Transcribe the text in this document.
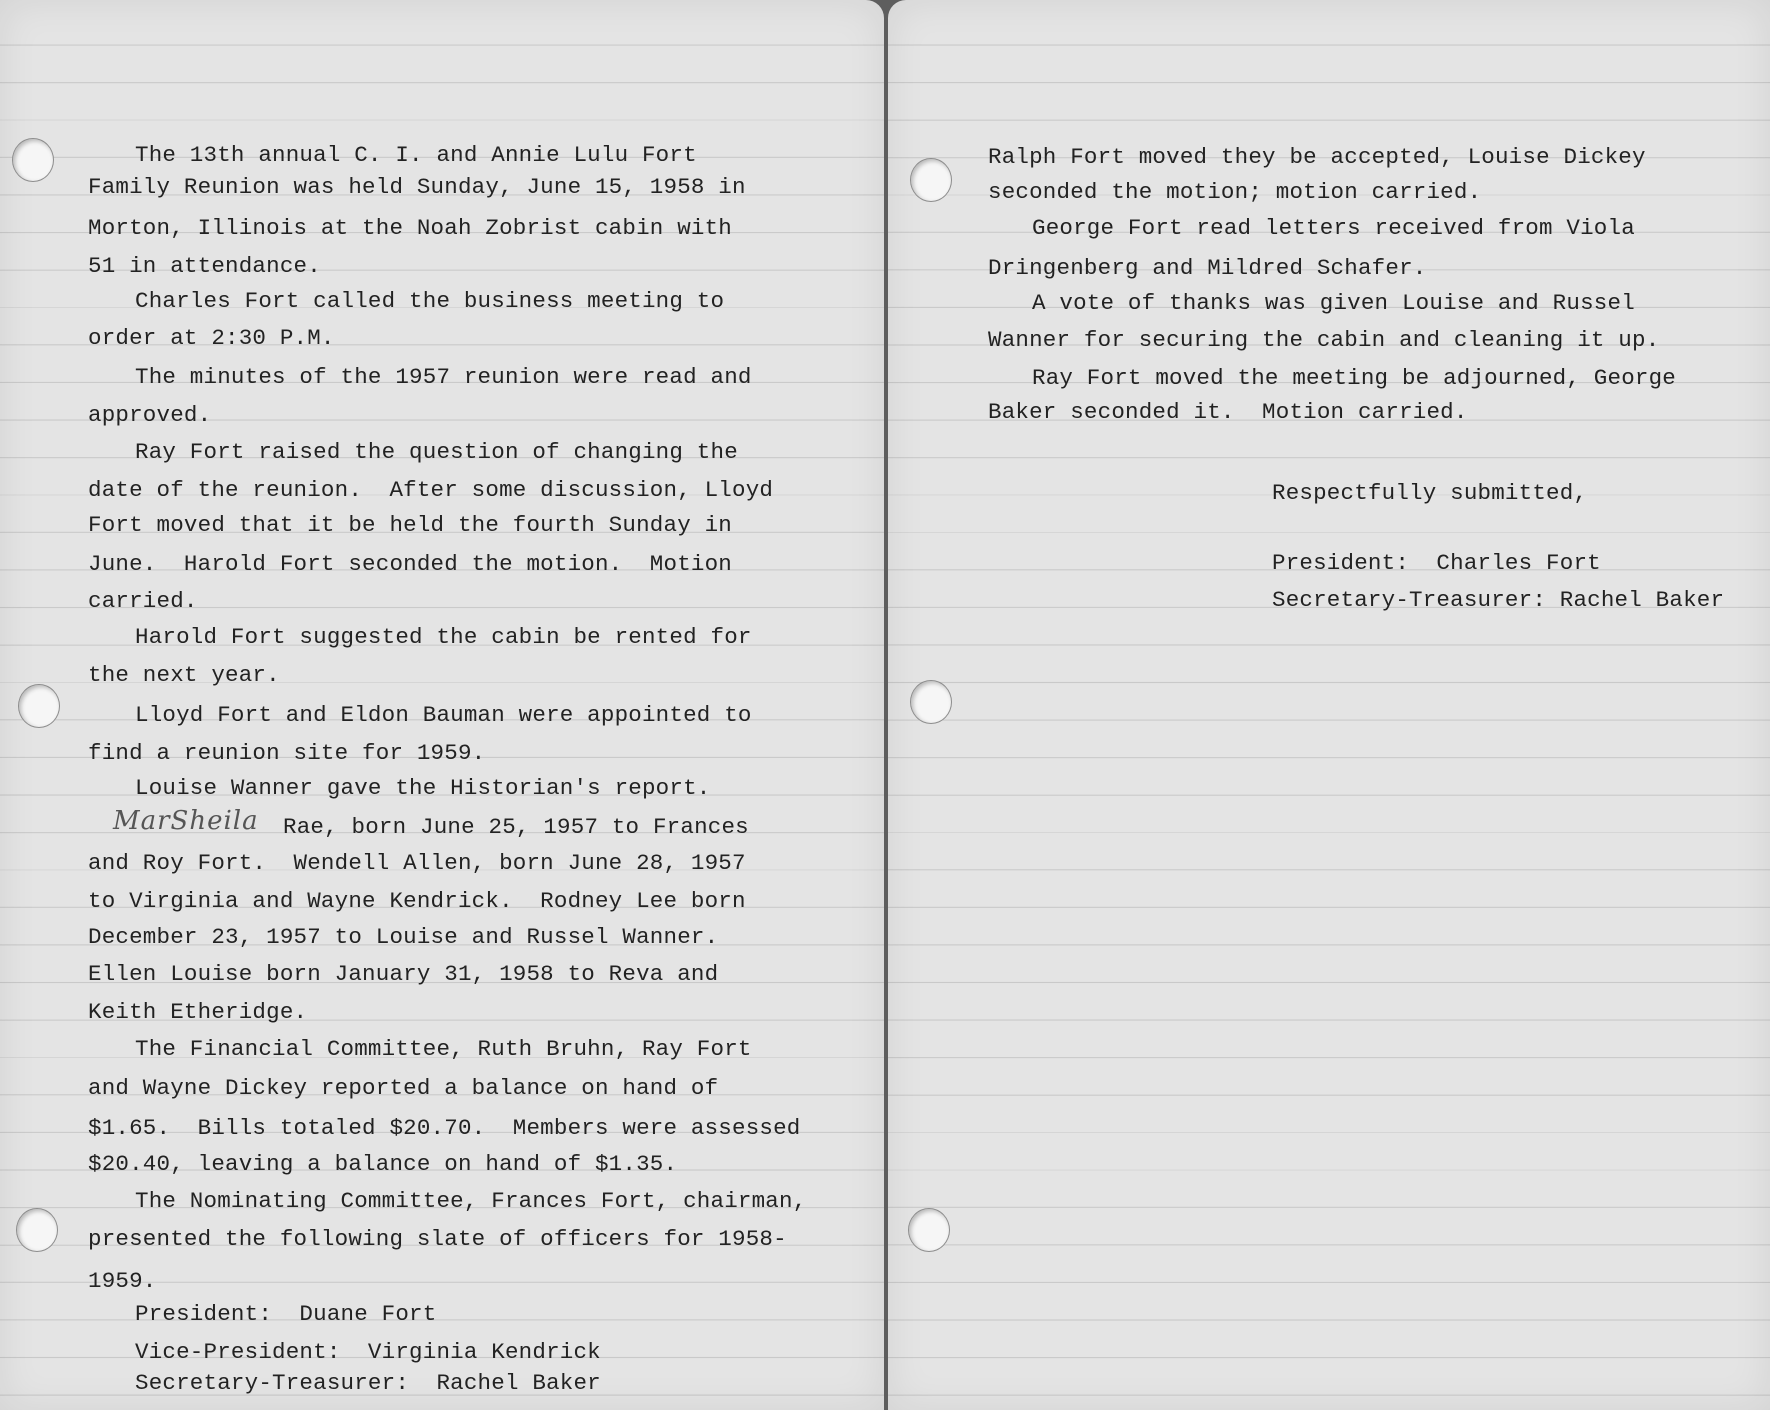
The 13th annual C. I. and Annie Lulu Fort
Family Reunion was held Sunday, June 15, 1958 in
Morton, Illinois at the Noah Zobrist cabin with
51 in attendance.
Charles Fort called the business meeting to
order at 2:30 P.M.
The minutes of the 1957 reunion were read and
approved.
Ray Fort raised the question of changing the
date of the reunion.  After some discussion, Lloyd
Fort moved that it be held the fourth Sunday in
June.  Harold Fort seconded the motion.  Motion
carried.
Harold Fort suggested the cabin be rented for
the next year.
Lloyd Fort and Eldon Bauman were appointed to
find a reunion site for 1959.
Louise Wanner gave the Historian's report.
MarSheila Rae, born June 25, 1957 to Frances
and Roy Fort.  Wendell Allen, born June 28, 1957
to Virginia and Wayne Kendrick.  Rodney Lee born
December 23, 1957 to Louise and Russel Wanner.
Ellen Louise born January 31, 1958 to Reva and
Keith Etheridge.
The Financial Committee, Ruth Bruhn, Ray Fort
and Wayne Dickey reported a balance on hand of
$1.65.  Bills totaled $20.70.  Members were assessed
$20.40, leaving a balance on hand of $1.35.
The Nominating Committee, Frances Fort, chairman,
presented the following slate of officers for 1958-
1959.
President:  Duane Fort
Vice-President:  Virginia Kendrick
Secretary-Treasurer:  Rachel Baker
Ralph Fort moved they be accepted, Louise Dickey
seconded the motion; motion carried.
George Fort read letters received from Viola
Dringenberg and Mildred Schafer.
A vote of thanks was given Louise and Russel
Wanner for securing the cabin and cleaning it up.
Ray Fort moved the meeting be adjourned, George
Baker seconded it.  Motion carried.
Respectfully submitted,
President:  Charles Fort
Secretary-Treasurer: Rachel Baker
